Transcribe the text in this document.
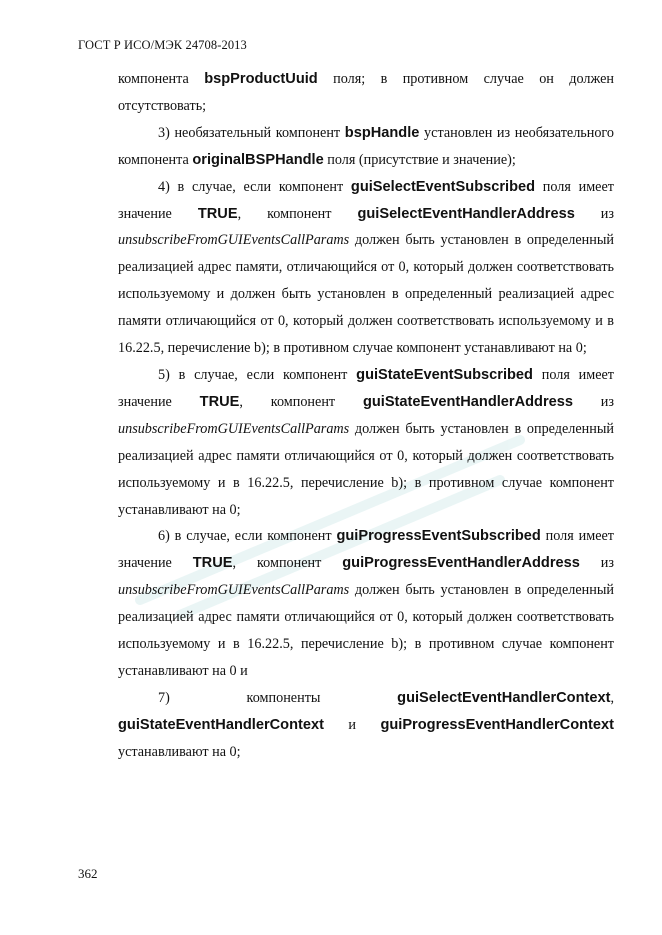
ГОСТ Р ИСО/МЭК 24708-2013

компонента bspProductUuid поля; в противном случае он должен отсутствовать;

3) необязательный компонент bspHandle установлен из необязательного компонента originalBSPHandle поля (присутствие и значение);

4) в случае, если компонент guiSelectEventSubscribed поля имеет значение TRUE, компонент guiSelectEventHandlerAddress из unsubscribeFromGUIEventsCallParams должен быть установлен в определенный реализацией адрес памяти, отличающийся от 0, который должен соответствовать используемому и должен быть установлен в определенный реализацией адрес памяти отличающийся от 0, который должен соответствовать используемому и в 16.22.5, перечисление b); в противном случае компонент устанавливают на 0;

5) в случае, если компонент guiStateEventSubscribed поля имеет значение TRUE, компонент guiStateEventHandlerAddress из unsubscribeFromGUIEventsCallParams должен быть установлен в определенный реализацией адрес памяти отличающийся от 0, который должен соответствовать используемому и в 16.22.5, перечисление b); в противном случае компонент устанавливают на 0;

6) в случае, если компонент guiProgressEventSubscribed поля имеет значение TRUE, компонент guiProgressEventHandlerAddress из unsubscribeFromGUIEventsCallParams должен быть установлен в определенный реализацией адрес памяти отличающийся от 0, который должен соответствовать используемому и в 16.22.5, перечисление b); в противном случае компонент устанавливают на 0 и

7) компоненты guiSelectEventHandlerContext, guiStateEventHandlerContext и guiProgressEventHandlerContext устанавливают на 0;

362
